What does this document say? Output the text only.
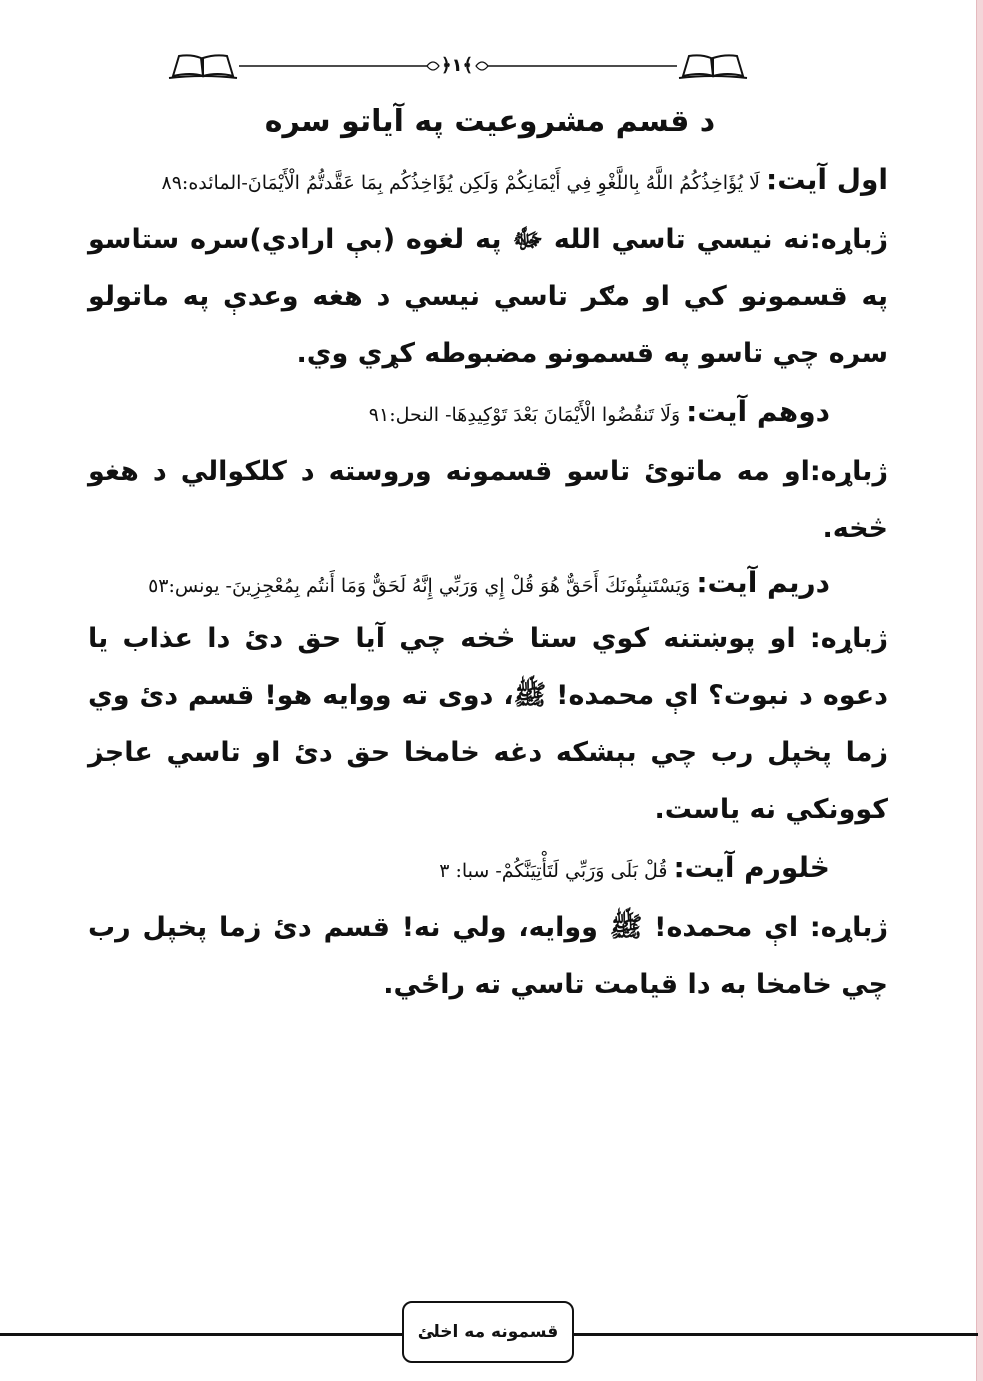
﴿۱﴾
د قسم مشروعيت په آياتو سره
اول آيت: لَا يُؤَاخِذُكُمُ اللَّهُ بِاللَّغْوِ فِي أَيْمَانِكُمْ وَلَكِن يُؤَاخِذُكُم بِمَا عَقَّدتُّمُ الْأَيْمَانَ-المائده:٨٩

ژباړه:نه نيسي تاسي الله ﷻ په لغوه (بې ارادي)سره ستاسو په قسمونو کي او مګر تاسي نيسي د هغه وعدې په ماتولو سره چي تاسو په قسمونو مضبوطه کړي وي.

دوهم آيت: وَلَا تَنقُضُوا الْأَيْمَانَ بَعْدَ تَوْكِيدِهَا- النحل:٩١

ژباړه:او مه ماتوئ تاسو قسمونه وروسته د کلکوالي د هغو څخه.

دريم آيت: وَيَسْتَنبِئُونَكَ أَحَقٌّ هُوَ قُلْ إِي وَرَبِّي إِنَّهُ لَحَقٌّ وَمَا أَنتُم بِمُعْجِزِينَ- يونس:٥٣

ژباړه: او پوښتنه کوي ستا څخه چي آيا حق دئ دا عذاب يا دعوه د نبوت؟ اې محمده! ﷺ، دوی ته ووايه هو! قسم دئ وي زما پخپل رب چي بېشکه دغه خامخا حق دئ او تاسي عاجز کوونکي نه ياست.

څلورم آيت: قُلْ بَلَى وَرَبِّي لَتَأْتِيَنَّكُمْ- سبا: ٣

ژباړه: اې محمده! ﷺ ووايه، ولي نه! قسم دئ زما پخپل رب چي خامخا به دا قيامت تاسي ته راځي.

قسمونه مه اخلئ
